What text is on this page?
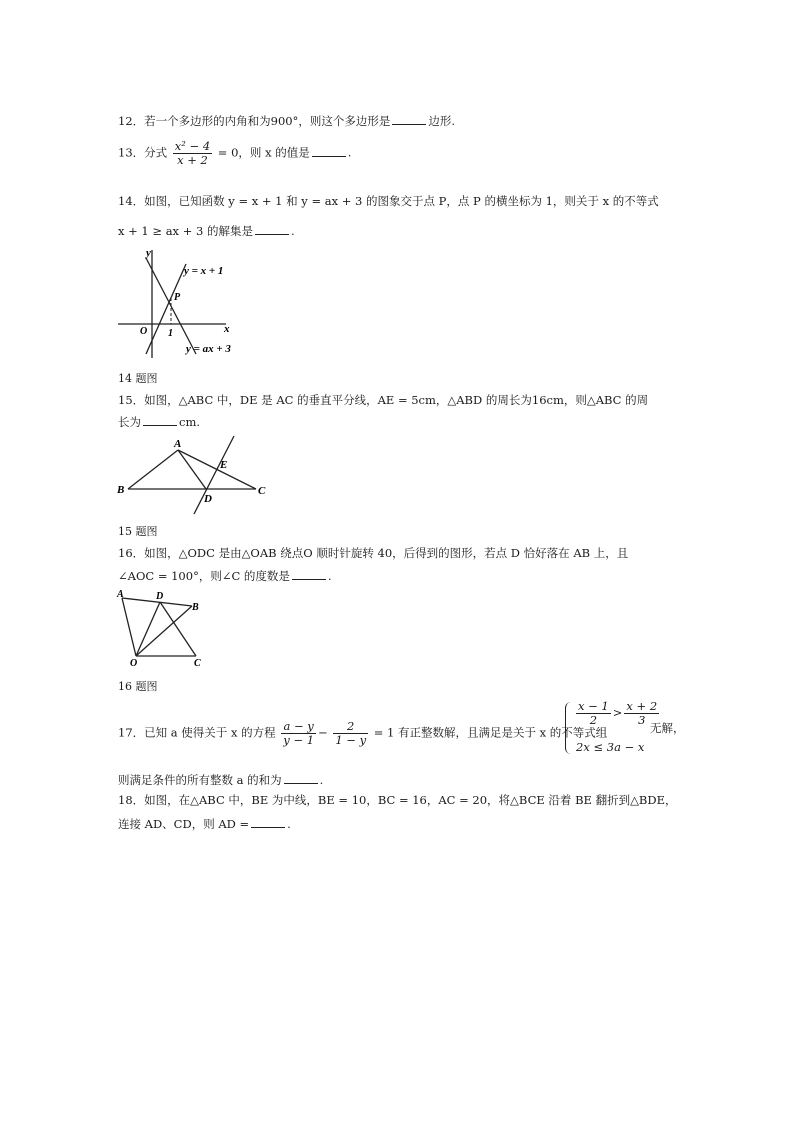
12．若一个多边形的内角和为900°，则这个多边形是	边形.
13．分式 $\frac{\text{x² − 4}}{x + 2} = 0$，则 x 的值是	.
14．如图，已知函数 y = x + 1 和 y = ax + 3 的图象交于点 P，点 P 的横坐标为 1，则关于 x 的不等式
x + 1 ≥ ax + 3 的解集是	.
y
x
O 1
P
y = x + 1
y = ax + 3
14 题图
15．如图，△ABC 中，DE 是 AC 的垂直平分线，AE = 5cm，△ABD 的周长为16cm，则△ABC 的周
长为	cm.
A
B	C
D
E
15 题图
16．如图，△ODC 是由△OAB 绕点O 顺时针旋转 40，后得到的图形，若点 D 恰好落在 AB 上，且
∠AOC = 100°，则∠C 的度数是	.
A	D
B
O	C
16 题图
17．已知 a 使得关于 x 的方程 $\frac{a - y}{y - 1} - \frac{2}{1 - y} = 1$ 有正整数解，且满足是关于 x 的不等式组
$\frac{x - 1}{2} > \frac{x + 2}{3}$
2x ≤ 3a − x
无解，
则满足条件的所有整数 a 的和为	.
18．如图，在△ABC 中，BE 为中线，BE = 10，BC = 16，AC = 20，将△BCE 沿着 BE 翻折到△BDE，
连接 AD、CD，则 AD =	.
